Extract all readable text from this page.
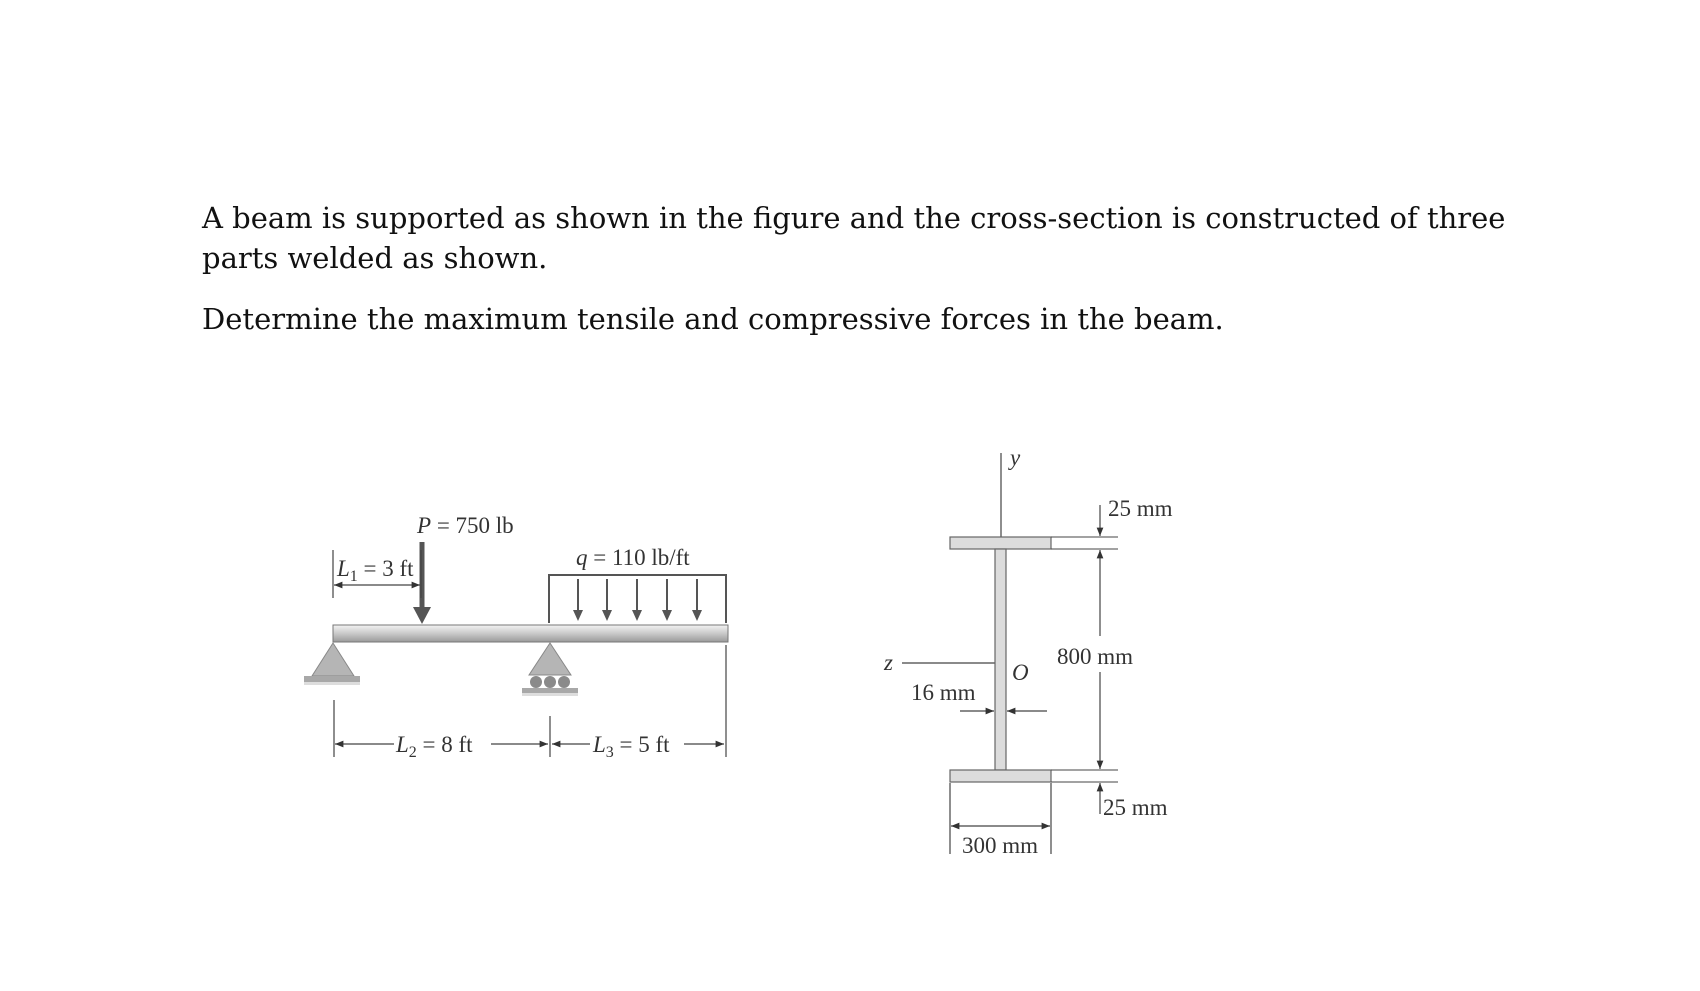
A beam is supported as shown in the figure and the cross-section is constructed of three parts welded as shown.

Determine the maximum tensile and compressive forces in the beam.

P = 750 lb
q = 110 lb/ft
$L_1 = 3$ ft
$L_2 = 8$ ft	$L_3 = 5$ ft
y
z	O
25 mm
800 mm
25 mm
16 mm
300 mm
